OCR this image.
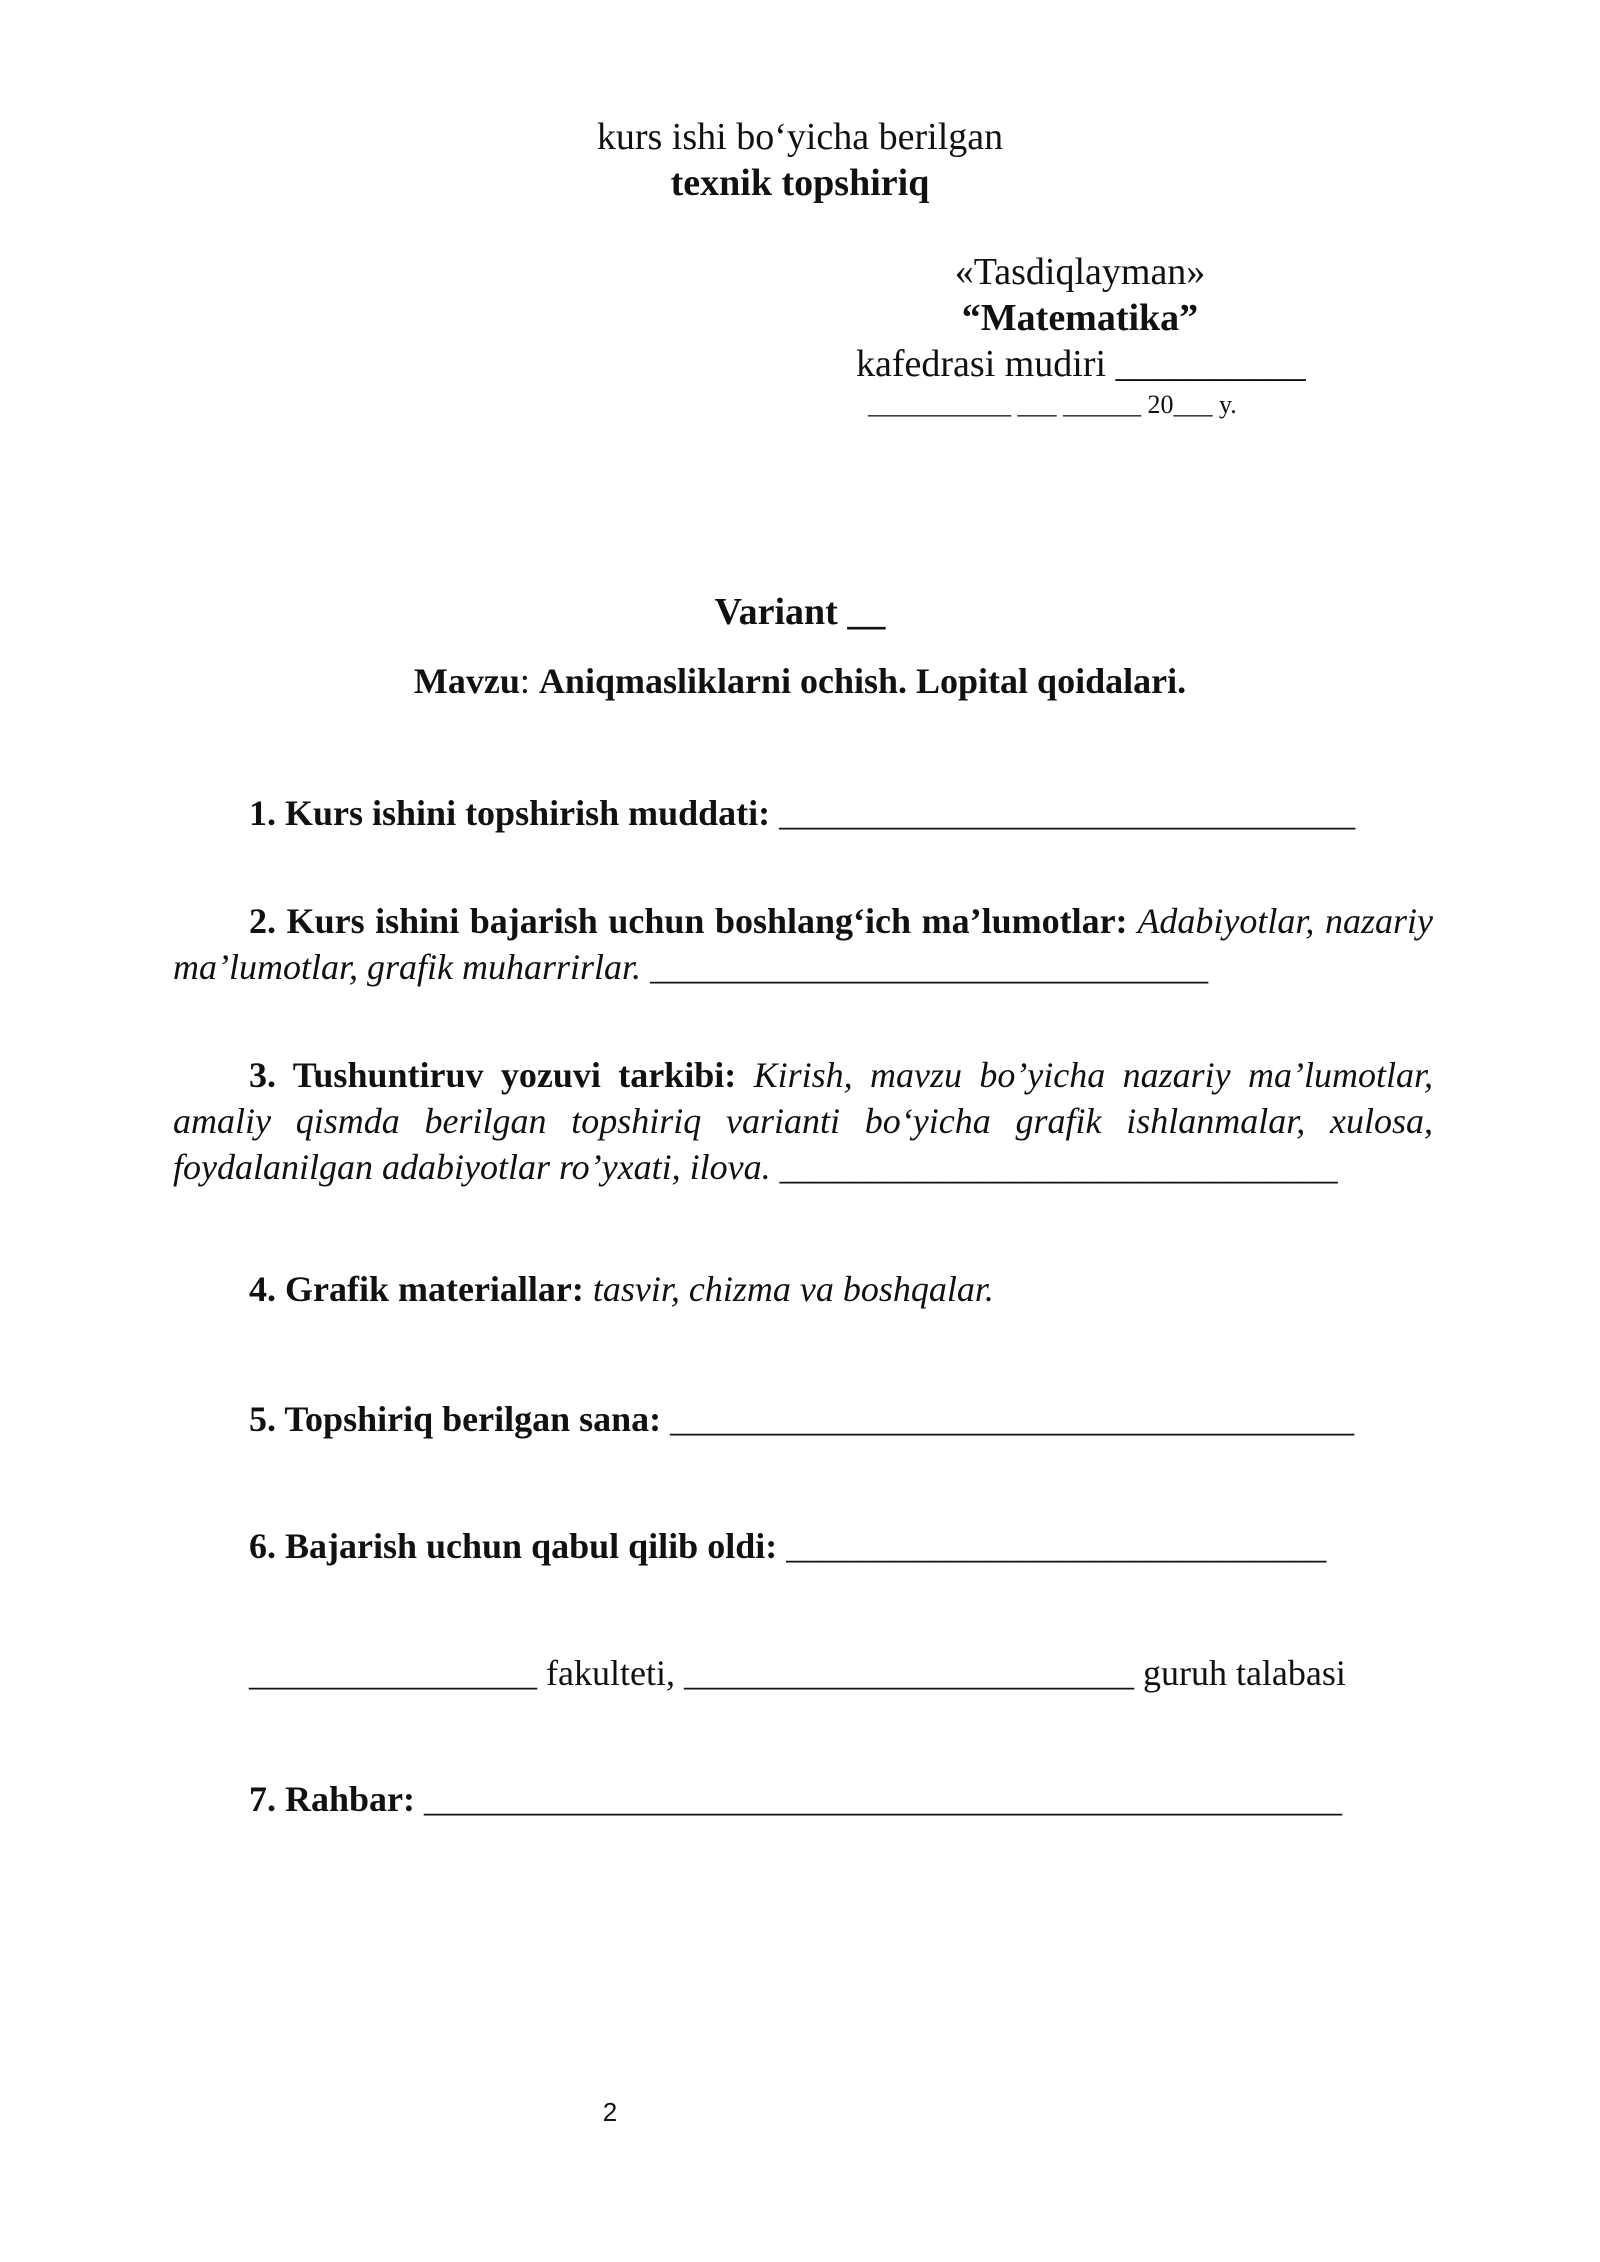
kurs ishi bo‘yicha berilgan
texnik topshiriq
«Tasdiqlayman»
“Matematika”
kafedrasi mudiri __________
___________ ___ ______ 20___ y.
Variant __
Mavzu: Aniqmasliklarni ochish. Lopital qoidalari.
1. Kurs ishini topshirish muddati: ________________________________
2. Kurs ishini bajarish uchun boshlang‘ich ma’lumotlar: Adabiyotlar, nazariy ma’lumotlar, grafik muharrirlar. _______________________________
3. Tushuntiruv yozuvi tarkibi: Kirish, mavzu bo’yicha nazariy ma’lumotlar, amaliy qismda berilgan topshiriq varianti bo‘yicha grafik ishlanmalar, xulosa, foydalanilgan adabiyotlar ro’yxati, ilova. _______________________________
4. Grafik materiallar: tasvir, chizma va boshqalar.
5. Topshiriq berilgan sana: ______________________________________
6. Bajarish uchun qabul qilib oldi: ______________________________
________________ fakulteti, _________________________ guruh talabasi
7. Rahbar: ___________________________________________________
2
